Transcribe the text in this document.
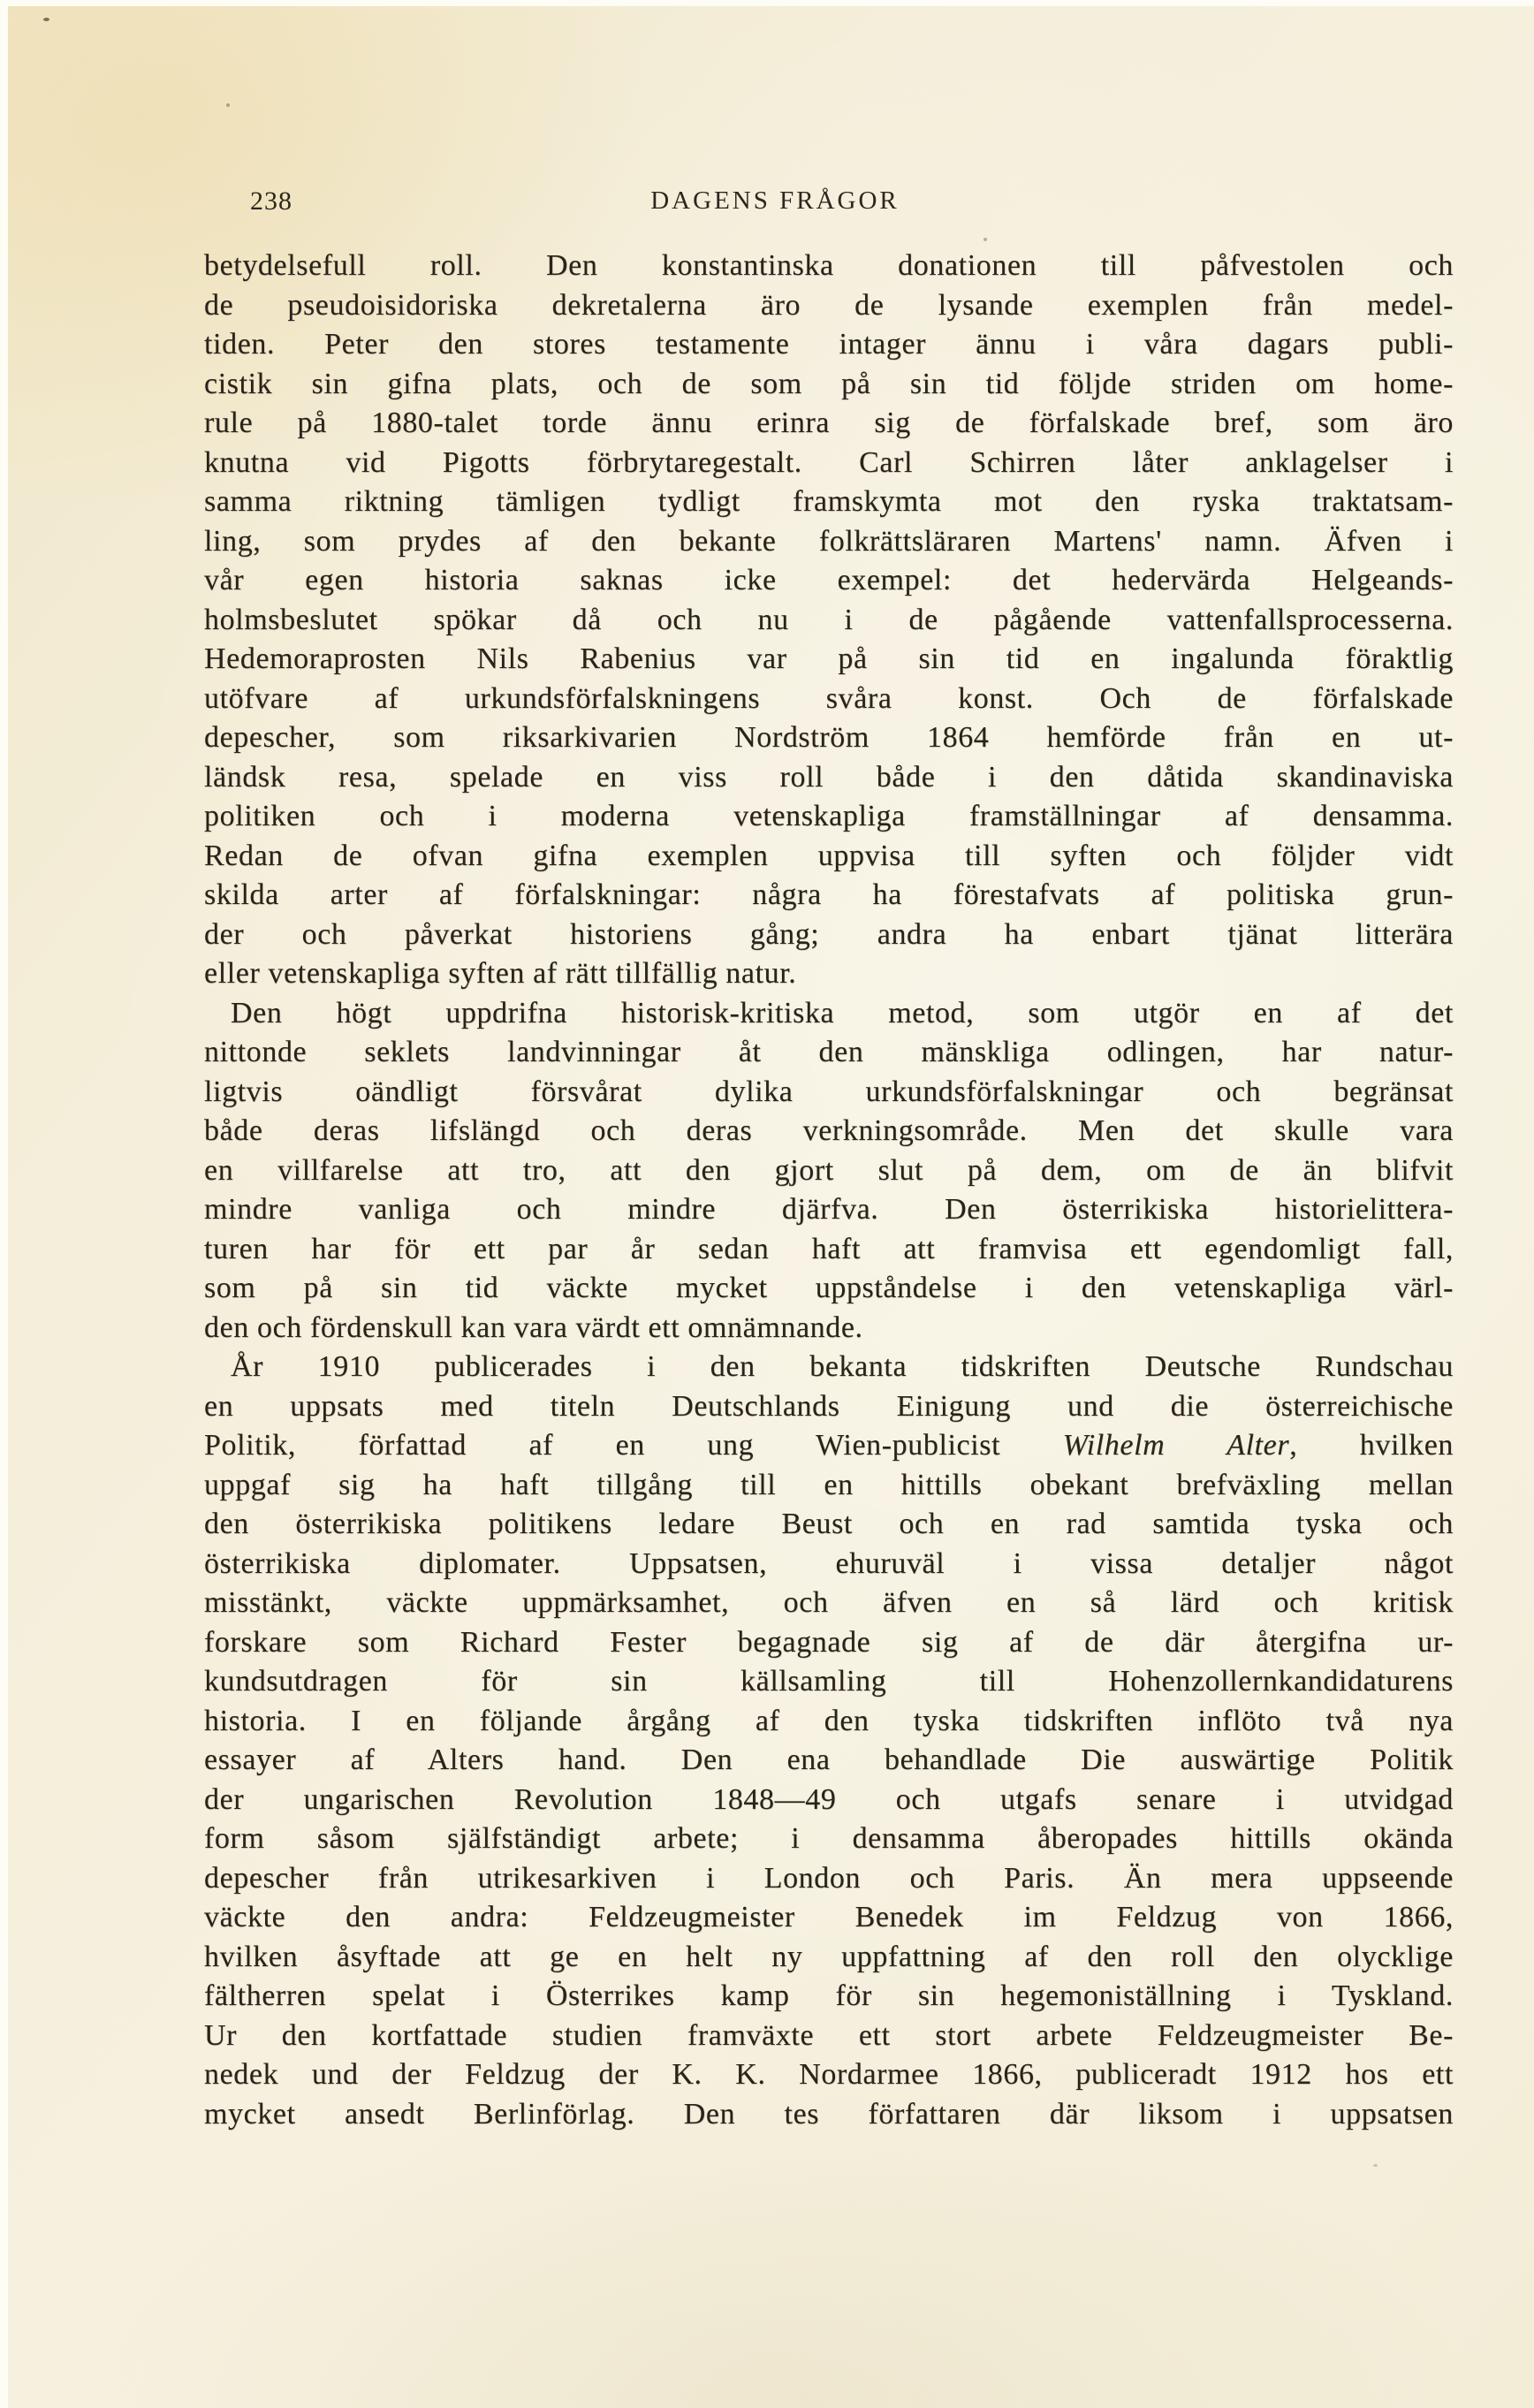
238	DAGENS FRÅGOR
betydelsefull roll. Den konstantinska donationen till påfvestolen och
de pseudoisidoriska dekretalerna äro de lysande exemplen från medel-
tiden. Peter den stores testamente intager ännu i våra dagars publi-
cistik sin gifna plats, och de som på sin tid följde striden om home-
rule på 1880-talet torde ännu erinra sig de förfalskade bref, som äro
knutna vid Pigotts förbrytaregestalt. Carl Schirren låter anklagelser i
samma riktning tämligen tydligt framskymta mot den ryska traktatsam-
ling, som prydes af den bekante folkrättsläraren Martens' namn. Äfven i
vår egen historia saknas icke exempel: det hedervärda Helgeands-
holmsbeslutet spökar då och nu i de pågående vattenfallsprocesserna.
Hedemoraprosten Nils Rabenius var på sin tid en ingalunda föraktlig
utöfvare af urkundsförfalskningens svåra konst. Och de förfalskade
depescher, som riksarkivarien Nordström 1864 hemförde från en ut-
ländsk resa, spelade en viss roll både i den dåtida skandinaviska
politiken och i moderna vetenskapliga framställningar af densamma.
Redan de ofvan gifna exemplen uppvisa till syften och följder vidt
skilda arter af förfalskningar: några ha förestafvats af politiska grun-
der och påverkat historiens gång; andra ha enbart tjänat litterära
eller vetenskapliga syften af rätt tillfällig natur.
Den högt uppdrifna historisk-kritiska metod, som utgör en af det
nittonde seklets landvinningar åt den mänskliga odlingen, har natur-
ligtvis oändligt försvårat dylika urkundsförfalskningar och begränsat
både deras lifslängd och deras verkningsområde. Men det skulle vara
en villfarelse att tro, att den gjort slut på dem, om de än blifvit
mindre vanliga och mindre djärfva. Den österrikiska historielittera-
turen har för ett par år sedan haft att framvisa ett egendomligt fall,
som på sin tid väckte mycket uppståndelse i den vetenskapliga värl-
den och fördenskull kan vara värdt ett omnämnande.
År 1910 publicerades i den bekanta tidskriften Deutsche Rundschau
en uppsats med titeln Deutschlands Einigung und die österreichische
Politik, författad af en ung Wien-publicist Wilhelm Alter, hvilken
uppgaf sig ha haft tillgång till en hittills obekant brefväxling mellan
den österrikiska politikens ledare Beust och en rad samtida tyska och
österrikiska diplomater. Uppsatsen, ehuruväl i vissa detaljer något
misstänkt, väckte uppmärksamhet, och äfven en så lärd och kritisk
forskare som Richard Fester begagnade sig af de där återgifna ur-
kundsutdragen för sin källsamling till Hohenzollernkandidaturens
historia. I en följande årgång af den tyska tidskriften inflöto två nya
essayer af Alters hand. Den ena behandlade Die auswärtige Politik
der ungarischen Revolution 1848—49 och utgafs senare i utvidgad
form såsom själfständigt arbete; i densamma åberopades hittills okända
depescher från utrikesarkiven i London och Paris. Än mera uppseende
väckte den andra: Feldzeugmeister Benedek im Feldzug von 1866,
hvilken åsyftade att ge en helt ny uppfattning af den roll den olycklige
fältherren spelat i Österrikes kamp för sin hegemoniställning i Tyskland.
Ur den kortfattade studien framväxte ett stort arbete Feldzeugmeister Be-
nedek und der Feldzug der K. K. Nordarmee 1866, publiceradt 1912 hos ett
mycket ansedt Berlinförlag. Den tes författaren där liksom i uppsatsen
